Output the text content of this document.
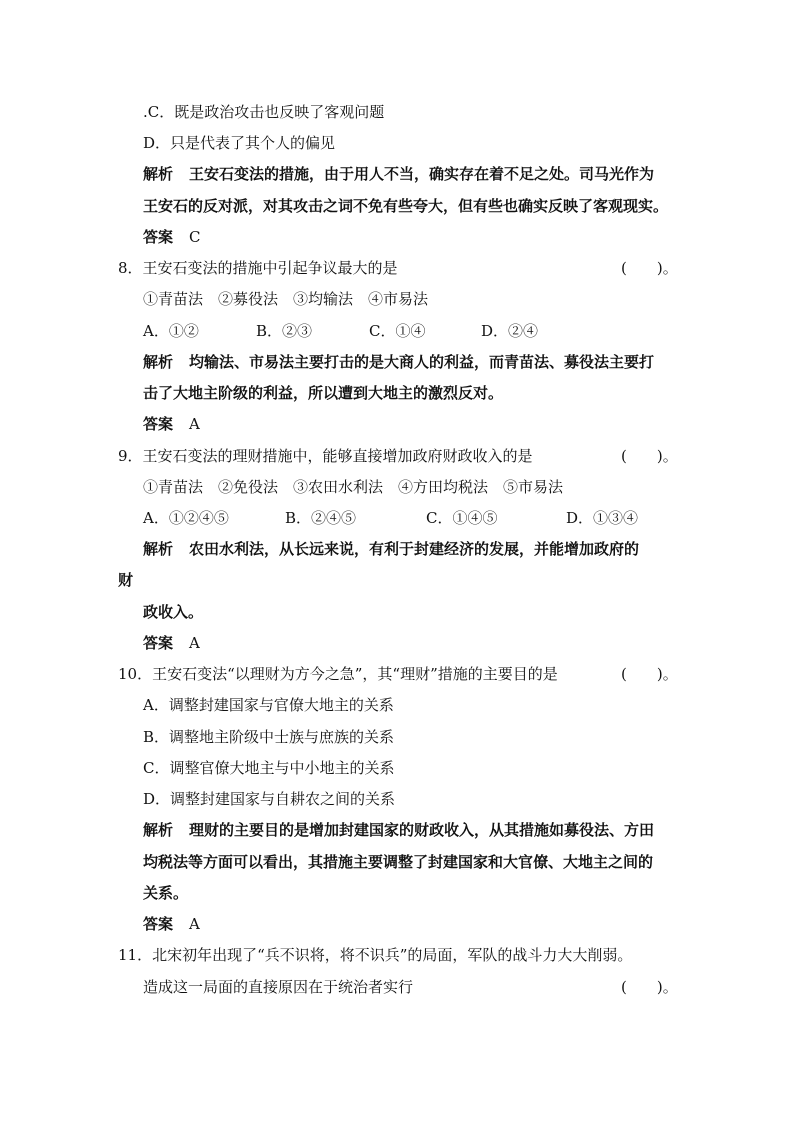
.C．既是政治攻击也反映了客观问题
D．只是代表了其个人的偏见
解析 王安石变法的措施，由于用人不当，确实存在着不足之处。司马光作为
王安石的反对派，对其攻击之词不免有些夸大，但有些也确实反映了客观现实。
答案 C
8．王安石变法的措施中引起争议最大的是	(　　)。
①青苗法　②募役法　③均输法　④市易法
A．①②	B．②③	C．①④	D．②④
解析 均输法、市易法主要打击的是大商人的利益，而青苗法、募役法主要打
击了大地主阶级的利益，所以遭到大地主的激烈反对。
答案 A
9．王安石变法的理财措施中，能够直接增加政府财政收入的是	(　　)。
①青苗法　②免役法　③农田水利法　④方田均税法　⑤市易法
A．①②④⑤	B．②④⑤	C．①④⑤	D．①③④
解析 农田水利法，从长远来说，有利于封建经济的发展，并能增加政府的
财
政收入。
答案 A
10．王安石变法“以理财为方今之急”，其“理财”措施的主要目的是	(　　)。
A．调整封建国家与官僚大地主的关系
B．调整地主阶级中士族与庶族的关系
C．调整官僚大地主与中小地主的关系
D．调整封建国家与自耕农之间的关系
解析 理财的主要目的是增加封建国家的财政收入，从其措施如募役法、方田
均税法等方面可以看出，其措施主要调整了封建国家和大官僚、大地主之间的
关系。
答案 A
11．北宋初年出现了“兵不识将，将不识兵”的局面，军队的战斗力大大削弱。
造成这一局面的直接原因在于统治者实行	(　　)。
